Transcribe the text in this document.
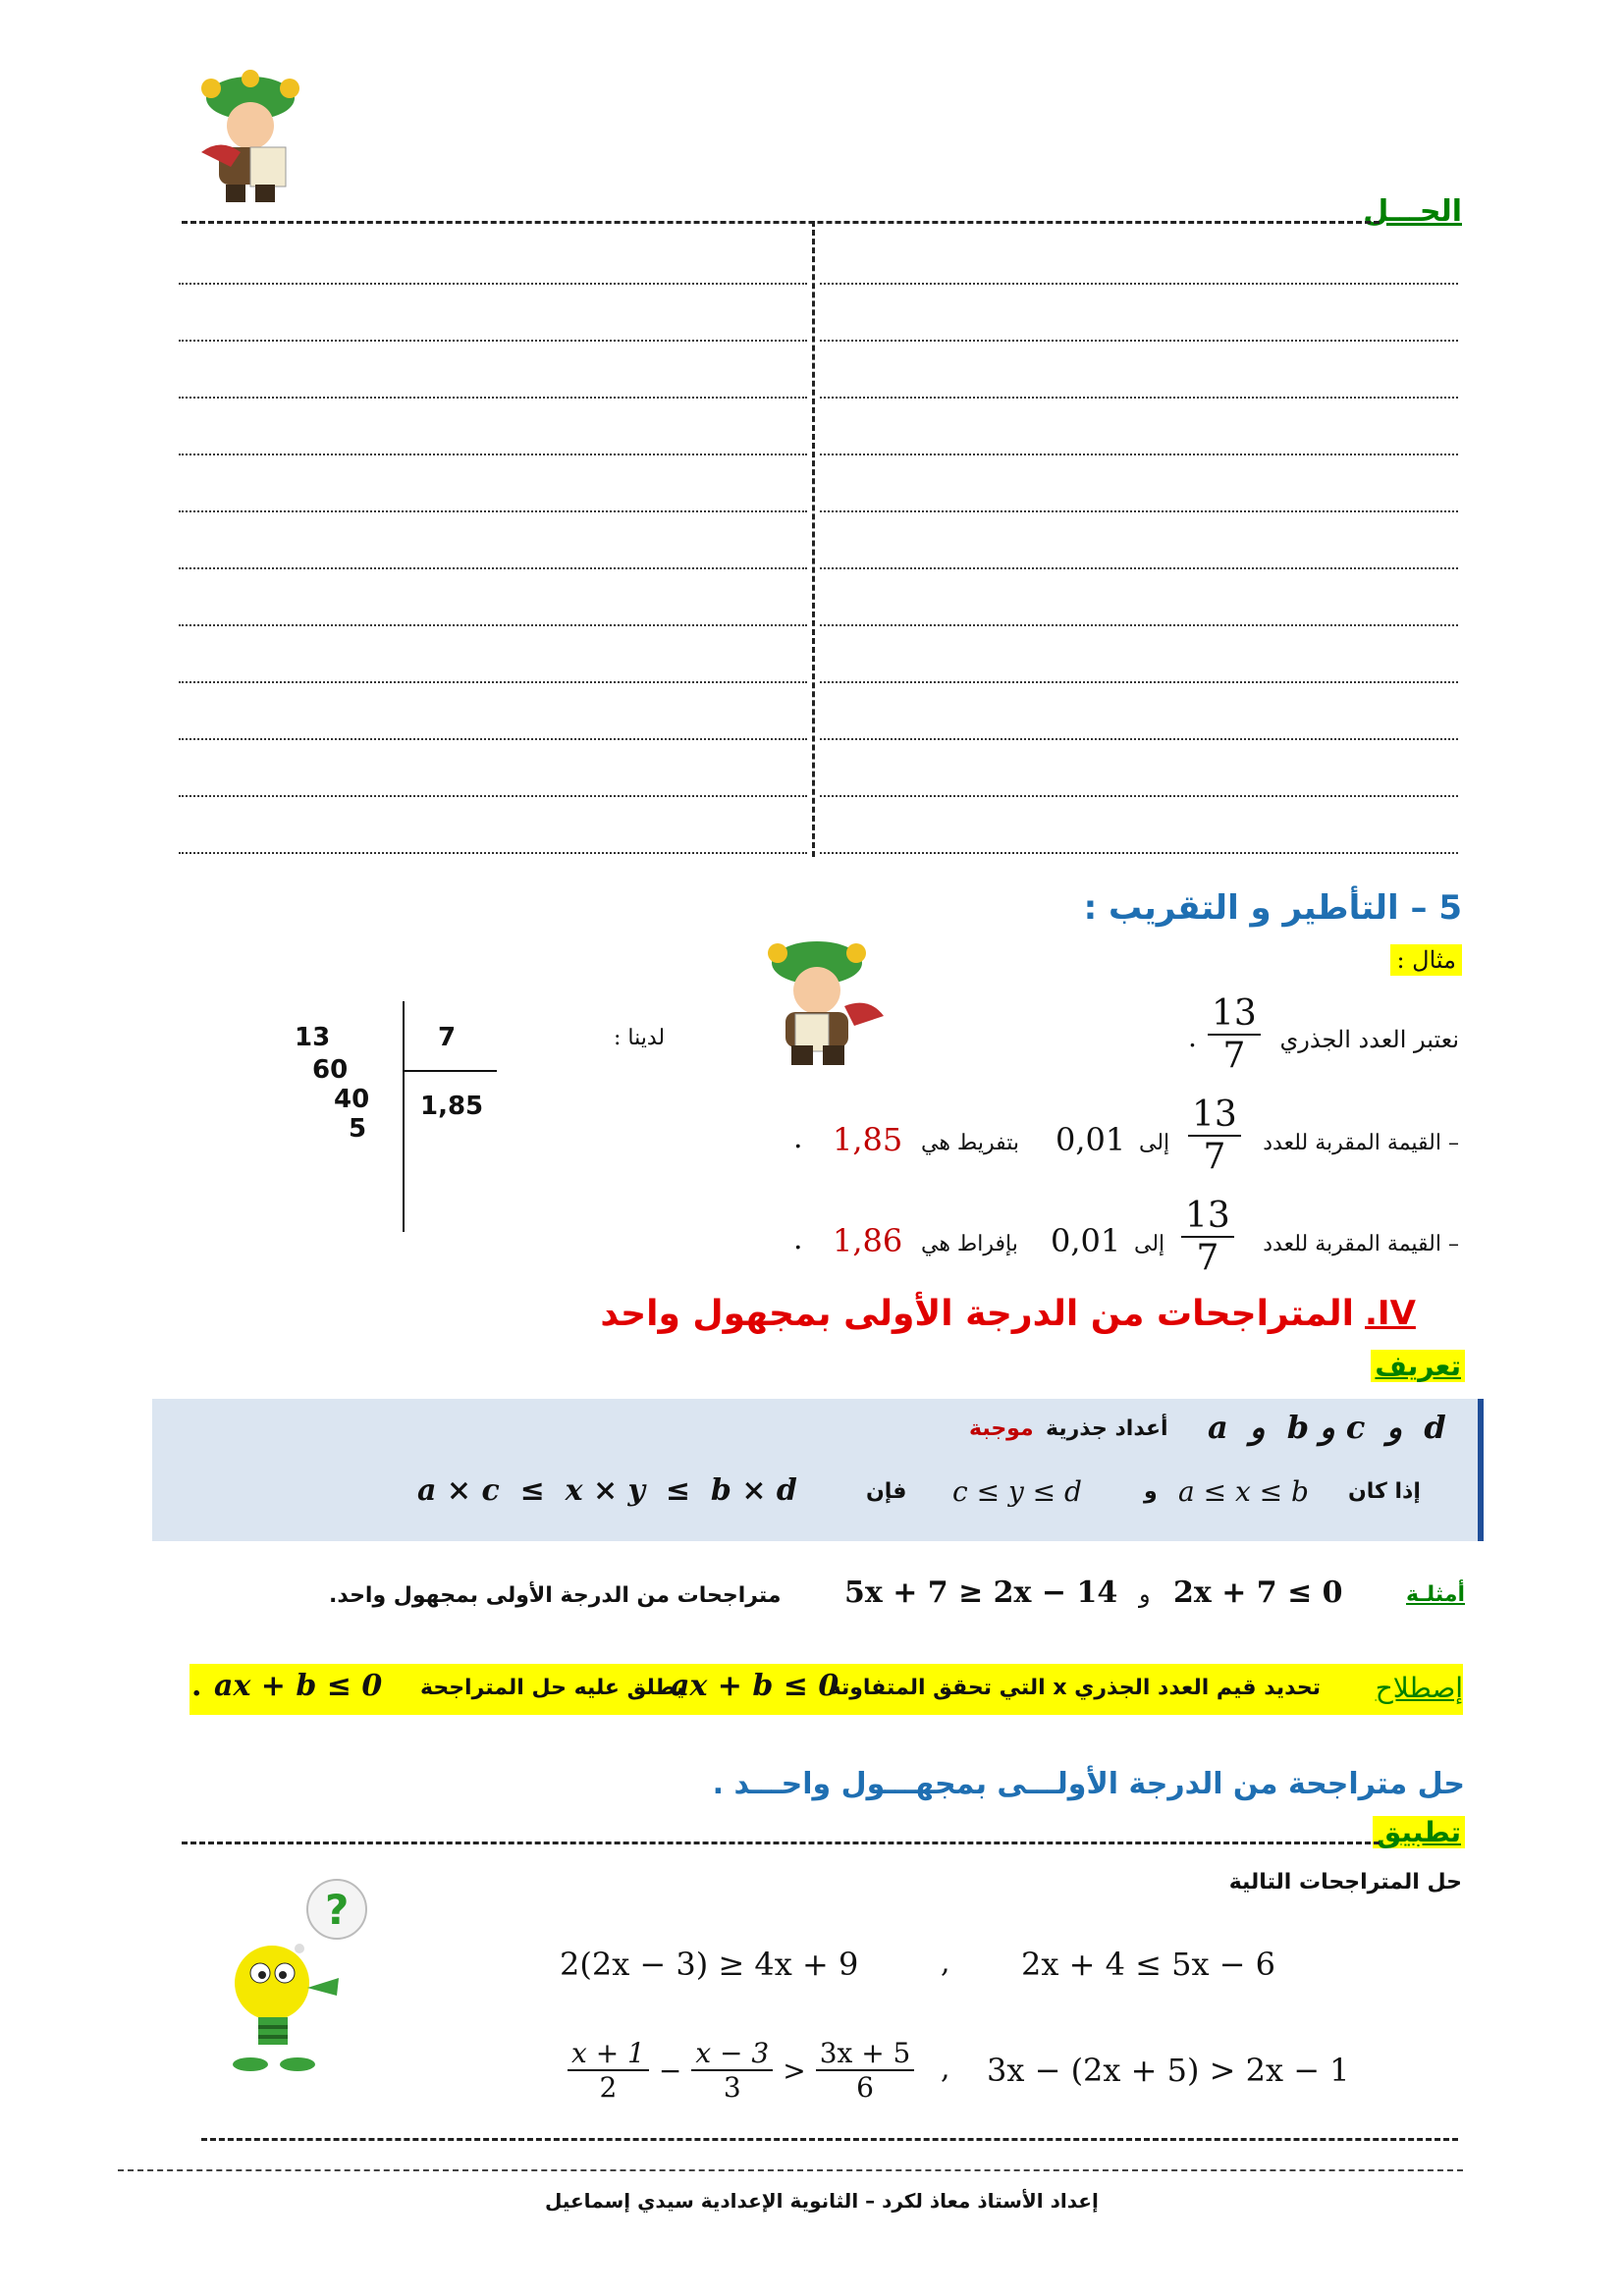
الحـــل
5 – التأطير و التقريب :
مثال :
نعتبر العدد الجذري
$\frac{13}{7}$
.
لدينا :
– القيمة المقربة للعدد
$\frac{13}{7}$
إلى
0,01
بتفريط هي
1,85
.
– القيمة المقربة للعدد
$\frac{13}{7}$
إلى
0,01
بإفراط هي
1,86
.
13
60
40
5
7
1,85
.IV
المتراجحات من الدرجة الأولى بمجهول واحد
تعريف
موجبة أعداد جذرية a  و  b و c  و  d
a × c  ≤  x × y  ≤  b × d	فإن c ≤ y ≤ d	و a ≤ x ≤ b إذا كان
أمثلـة
2x + 7 ≤ 0
و
5x + 7 ≥ 2x − 14
متراجحات من الدرجة الأولى بمجهول واحد.
إصطلاح
تحديد قيم العدد الجذري x التي تحقق المتفاوتة
ax + b ≤ 0
يطلق عليه حل المتراجحة
ax + b ≤ 0
.
حل متراجحة من الدرجة الأولـــى بمجهـــول واحـــد .
تطبيق
حل المتراجحات التالية
?
2(2x − 3) ≥ 4x + 9	, 2x + 4 ≤ 5x − 6
$\frac{x + 1}{2} - \frac{x - 3}{3} > \frac{3x + 5}{6}$ , 3x − (2x + 5) > 2x − 1
إعداد الأستاذ معاذ لكرد – الثانوية الإعدادية سيدي إسماعيل
